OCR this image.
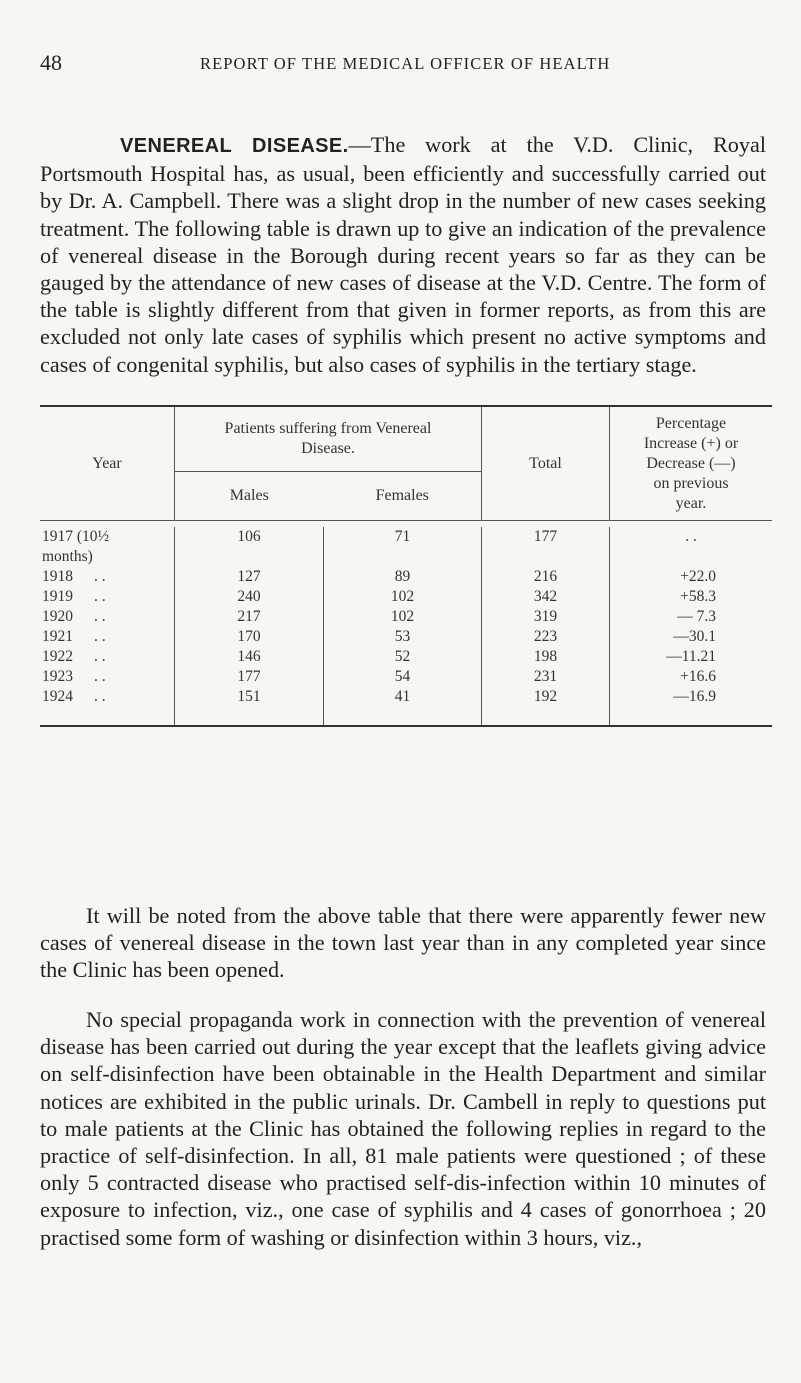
48	REPORT OF THE MEDICAL OFFICER OF HEALTH

VENEREAL DISEASE.—The work at the V.D. Clinic, Royal Portsmouth Hospital has, as usual, been efficiently and successfully carried out by Dr. A. Campbell. There was a slight drop in the number of new cases seeking treatment. The following table is drawn up to give an indication of the prevalence of venereal disease in the Borough during recent years so far as they can be gauged by the attendance of new cases of disease at the V.D. Centre. The form of the table is slightly different from that given in former reports, as from this are excluded not only late cases of syphilis which present no active symptoms and cases of congenital syphilis, but also cases of syphilis in the tertiary stage.

Year	Patients suffering from Venereal Disease.		Total	Percentage Increase (+) or Decrease (—) on previous year.
	Males	Females		

1917 (10½	106	71	177	. .
months)				
1918 . .	127	89	216	+22.0
1919 . .	240	102	342	+58.3
1920 . .	217	102	319	— 7.3
1921 . .	170	53	223	—30.1
1922 . .	146	52	198	—11.21
1923 . .	177	54	231	+16.6
1924 . .	151	41	192	—16.9

It will be noted from the above table that there were apparently fewer new cases of venereal disease in the town last year than in any completed year since the Clinic has been opened.

No special propaganda work in connection with the prevention of venereal disease has been carried out during the year except that the leaflets giving advice on self-disinfection have been obtainable in the Health Department and similar notices are exhibited in the public urinals. Dr. Cambell in reply to questions put to male patients at the Clinic has obtained the following replies in regard to the practice of self-disinfection. In all, 81 male patients were questioned ; of these only 5 contracted disease who practised self-dis-infection within 10 minutes of exposure to infection, viz., one case of syphilis and 4 cases of gonorrhoea ; 20 practised some form of washing or disinfection within 3 hours, viz.,
